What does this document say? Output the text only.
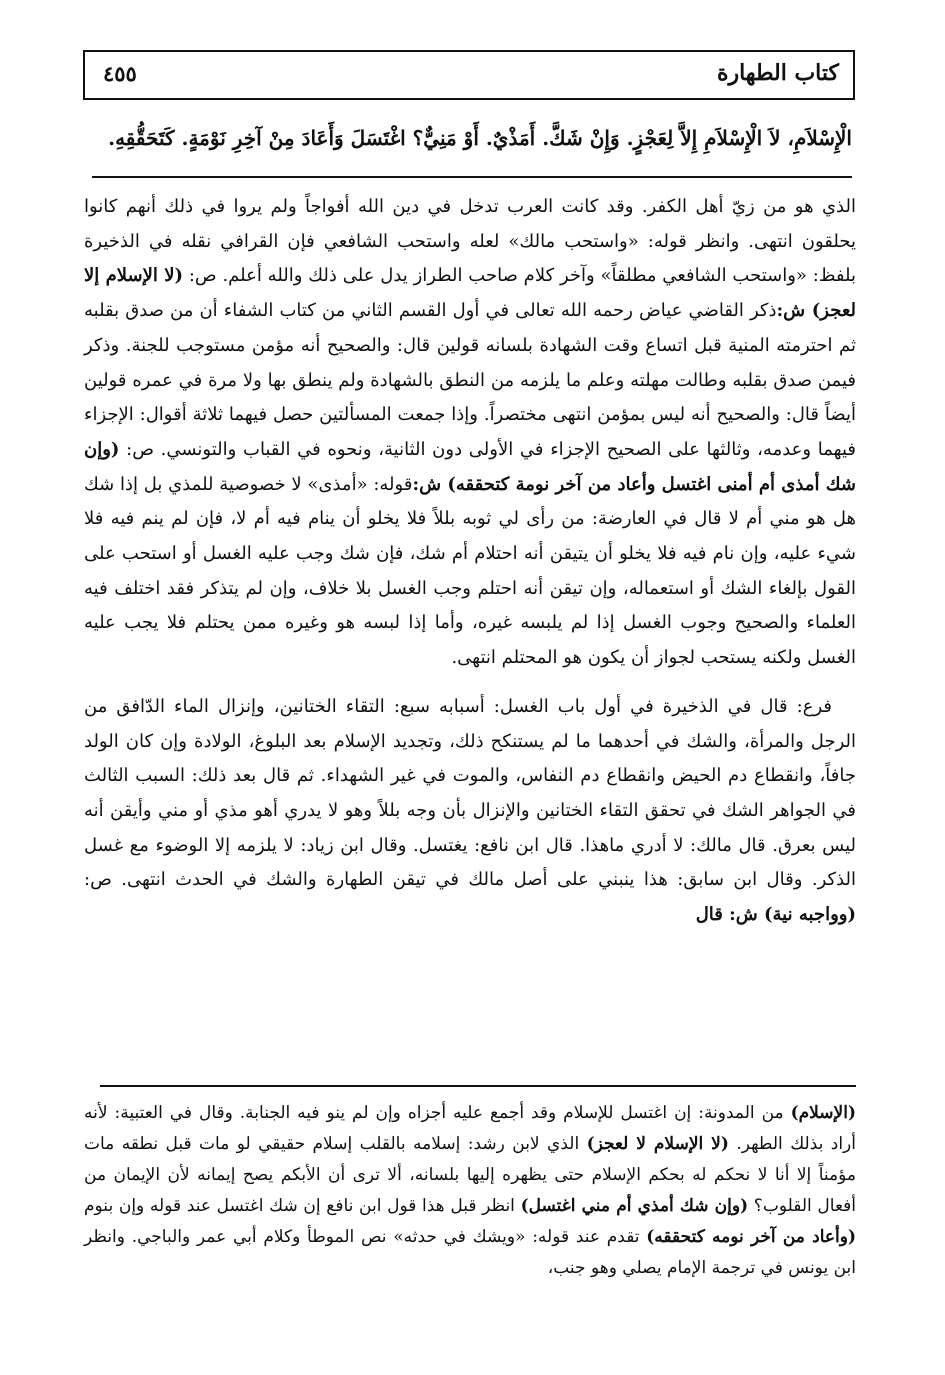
كتاب الطهارة
٤٥٥
الْإِسْلاَمِ، لاَ الْإِسْلاَمِ إِلاَّ لِعَجْزٍ. وَإِنْ شَكَّ. أَمَذْيٌ. أَوْ مَنِيٌّ؟ اغْتَسَلَ وَأَعَادَ مِنْ آخِرِ نَوْمَةٍ. كَتَحَقُّقِهِ.

الذي هو من زيّ أهل الكفر. وقد كانت العرب تدخل في دين الله أفواجاً ولم يروا في ذلك أنهم كانوا يحلقون انتهى. وانظر قوله: «واستحب مالك» لعله واستحب الشافعي فإن القرافي نقله في الذخيرة بلفظ: «واستحب الشافعي مطلقاً» وآخر كلام صاحب الطراز يدل على ذلك والله أعلم. ص: (لا الإسلام إلا لعجز) ش:ذكر القاضي عياض رحمه الله تعالى في أول القسم الثاني من كتاب الشفاء أن من صدق بقلبه ثم احترمته المنية قبل اتساع وقت الشهادة بلسانه قولين قال: والصحيح أنه مؤمن مستوجب للجنة. وذكر فيمن صدق بقلبه وطالت مهلته وعلم ما يلزمه من النطق بالشهادة ولم ينطق بها ولا مرة في عمره قولين أيضاً قال: والصحيح أنه ليس بمؤمن انتهى مختصراً. وإذا جمعت المسألتين حصل فيهما ثلاثة أقوال: الإجزاء فيهما وعدمه، وثالثها على الصحيح الإجزاء في الأولى دون الثانية، ونحوه في القباب والتونسي. ص: (وإن شك أمذى أم أمنى اغتسل وأعاد من آخر نومة كتحققه) ش:قوله: «أمذى» لا خصوصية للمذي بل إذا شك هل هو مني أم لا قال في العارضة: من رأى لي ثوبه بللاً فلا يخلو أن ينام فيه أم لا، فإن لم ينم فيه فلا شيء عليه، وإن نام فيه فلا يخلو أن يتيقن أنه احتلام أم شك، فإن شك وجب عليه الغسل أو استحب على القول بإلغاء الشك أو استعماله، وإن تيقن أنه احتلم وجب الغسل بلا خلاف، وإن لم يتذكر فقد اختلف فيه العلماء والصحيح وجوب الغسل إذا لم يلبسه غيره، وأما إذا لبسه هو وغيره ممن يحتلم فلا يجب عليه الغسل ولكنه يستحب لجواز أن يكون هو المحتلم انتهى.

فرع: قال في الذخيرة في أول باب الغسل: أسبابه سبع: التقاء الختانين، وإنزال الماء الدّافق من الرجل والمرأة، والشك في أحدهما ما لم يستنكح ذلك، وتجديد الإسلام بعد البلوغ، الولادة وإن كان الولد جافاً، وانقطاع دم الحيض وانقطاع دم النفاس، والموت في غير الشهداء. ثم قال بعد ذلك: السبب الثالث في الجواهر الشك في تحقق التقاء الختانين والإنزال بأن وجه بللاً وهو لا يدري أهو مذي أو مني وأيقن أنه ليس بعرق. قال مالك: لا أدري ماهذا. قال ابن نافع: يغتسل. وقال ابن زياد: لا يلزمه إلا الوضوء مع غسل الذكر. وقال ابن سابق: هذا ينبني على أصل مالك في تيقن الطهارة والشك في الحدث انتهى. ص: (وواجبه نية) ش: قال

(الإسلام) من المدونة: إن اغتسل للإسلام وقد أجمع عليه أجزاه وإن لم ينو فيه الجنابة. وقال في العتبية: لأنه أراد بذلك الطهر. (لا الإسلام لا لعجز) الذي لابن رشد: إسلامه بالقلب إسلام حقيقي لو مات قبل نطقه مات مؤمناً إلا أنا لا نحكم له بحكم الإسلام حتى يظهره إليها بلسانه، ألا ترى أن الأبكم يصح إيمانه لأن الإيمان من أفعال القلوب؟ (وإن شك أمذي أم مني اغتسل) انظر قبل هذا قول ابن نافع إن شك اغتسل عند قوله وإن بنوم (وأعاد من آخر نومه كتحققه) تقدم عند قوله: «ويشك في حدثه» نص الموطأ وكلام أبي عمر والباجي. وانظر ابن يونس في ترجمة الإمام يصلي وهو جنب،
